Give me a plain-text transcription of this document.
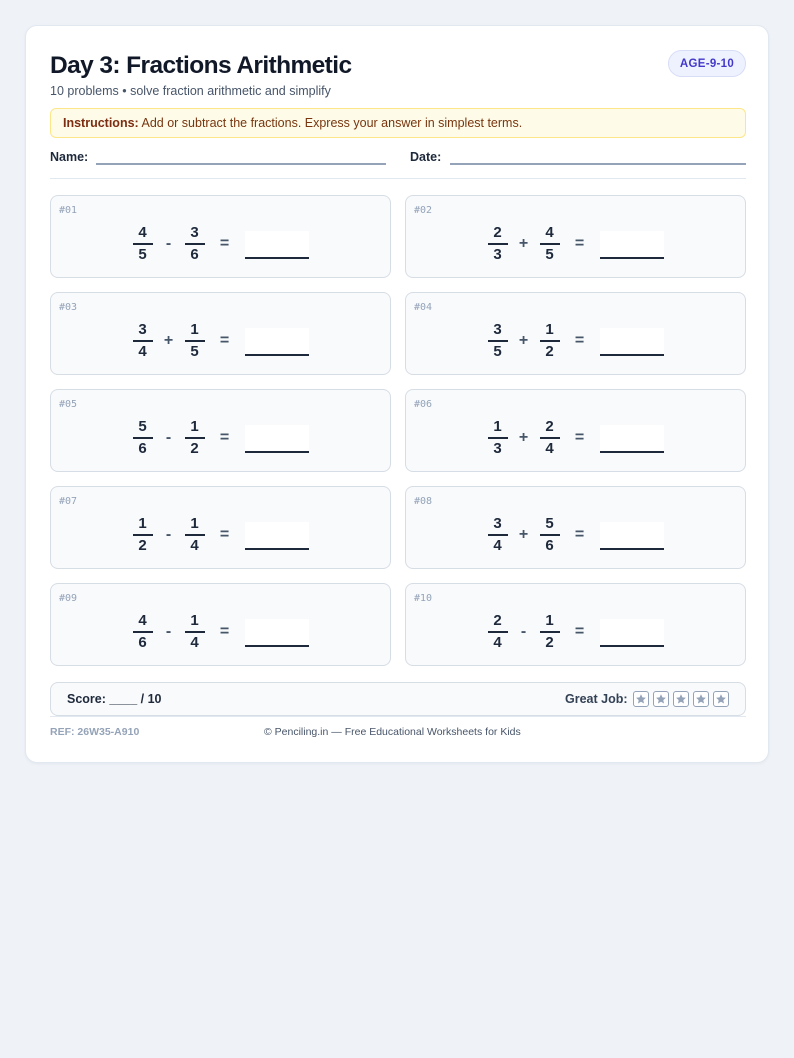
Day 3: Fractions Arithmetic
10 problems • solve fraction arithmetic and simplify
AGE-9-10
Instructions: Add or subtract the fractions. Express your answer in simplest terms.
Name:	Date:
#01
$\frac{4}{5} - \frac{3}{6}$ =
#02
$\frac{2}{3} + \frac{4}{5}$ =
#03
$\frac{3}{4} + \frac{1}{5}$ =
#04
$\frac{3}{5} + \frac{1}{2}$ =
#05
$\frac{5}{6} - \frac{1}{2}$ =
#06
$\frac{1}{3} + \frac{2}{4}$ =
#07
$\frac{1}{2} - \frac{1}{4}$ =
#08
$\frac{3}{4} + \frac{5}{6}$ =
#09
$\frac{4}{6} - \frac{1}{4}$ =
#10
$\frac{2}{4} - \frac{1}{2}$ =
Score: ____ / 10	Great Job:
REF: 26W35-A910	© Penciling.in — Free Educational Worksheets for Kids
